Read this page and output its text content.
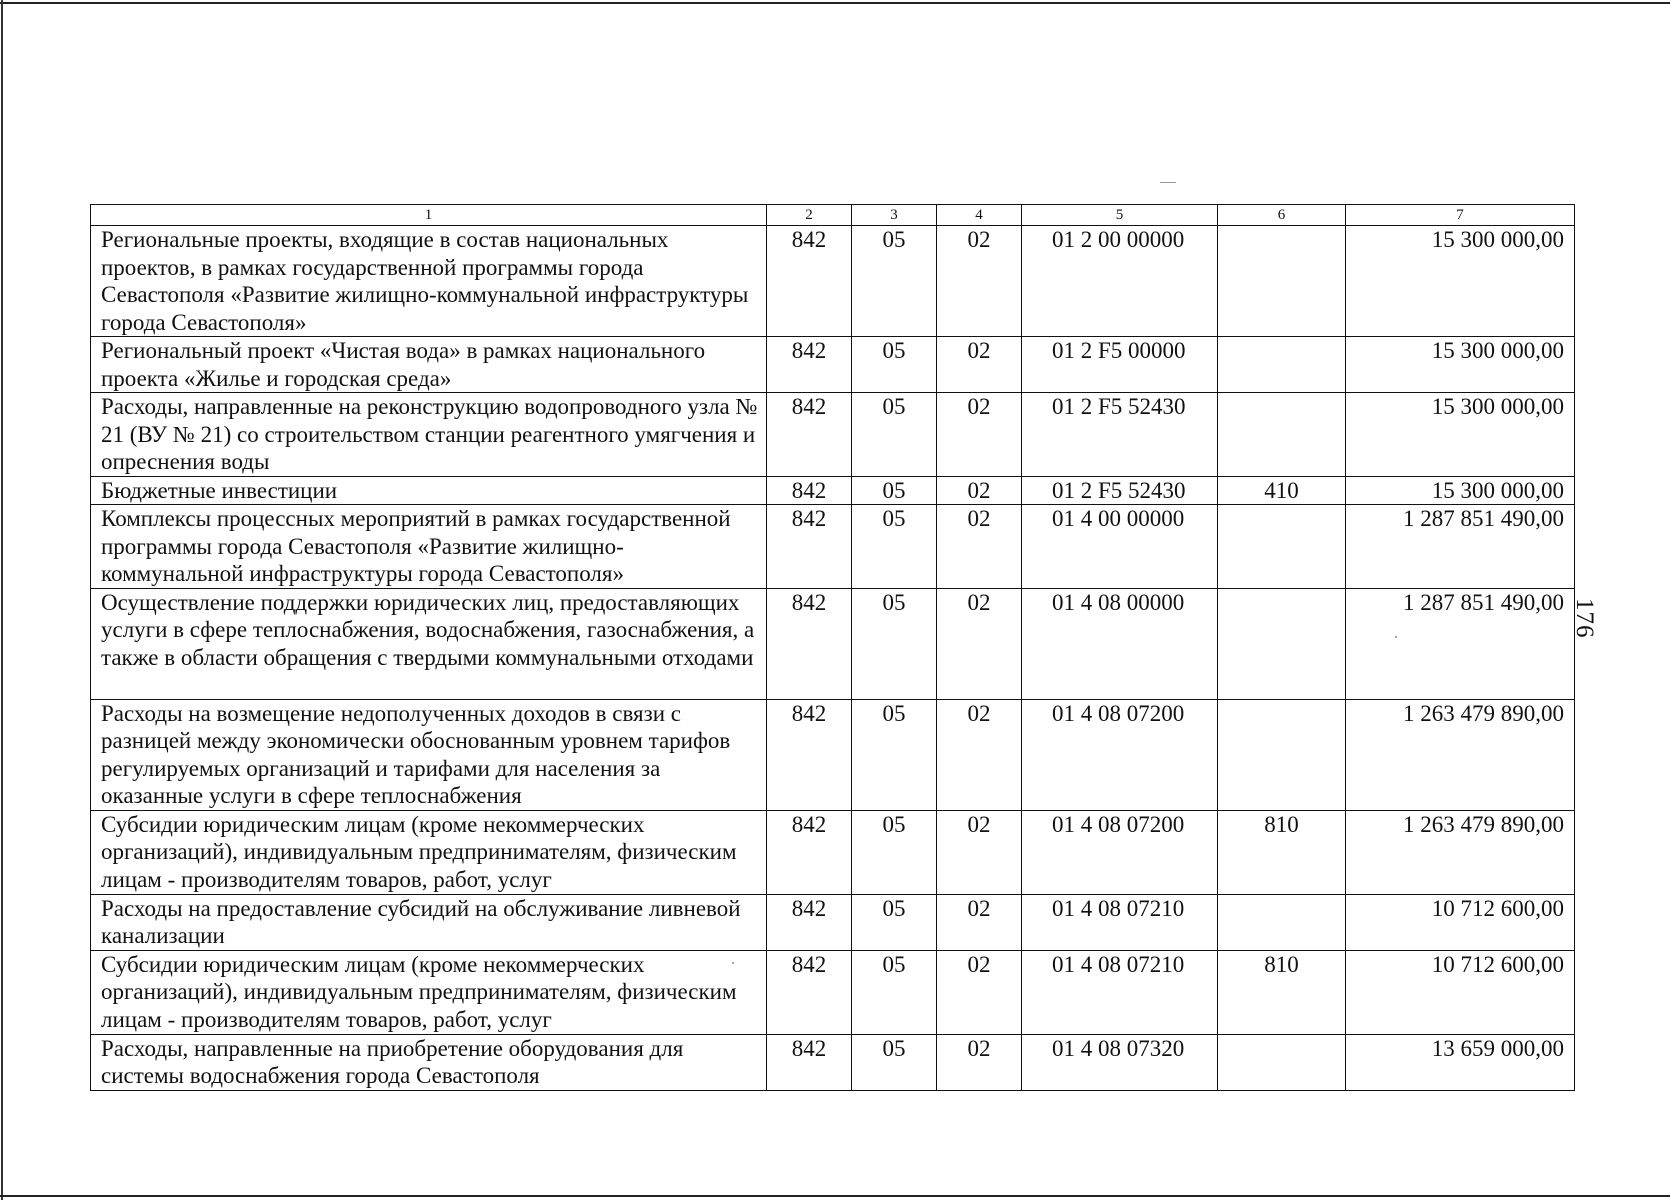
1	2	3	4	5	6	7
Региональные проекты, входящие в состав национальных проектов, в рамках государственной программы города Севастополя «Развитие жилищно-коммунальной инфраструктуры города Севастополя»	842	05	02	01 2 00 00000		15 300 000,00
Региональный проект «Чистая вода» в рамках национального проекта «Жилье и городская среда»	842	05	02	01 2 F5 00000		15 300 000,00
Расходы, направленные на реконструкцию водопроводного узла № 21 (ВУ № 21) со строительством станции реагентного умягчения и опреснения воды	842	05	02	01 2 F5 52430		15 300 000,00
Бюджетные инвестиции	842	05	02	01 2 F5 52430	410	15 300 000,00
Комплексы процессных мероприятий в рамках государственной программы города Севастополя «Развитие жилищно-коммунальной инфраструктуры города Севастополя»	842	05	02	01 4 00 00000		1 287 851 490,00
Осуществление поддержки юридических лиц, предоставляющих услуги в сфере теплоснабжения, водоснабжения, газоснабжения, а также в области обращения с твердыми коммунальными отходами	842	05	02	01 4 08 00000		1 287 851 490,00
Расходы на возмещение недополученных доходов в связи с разницей между экономически обоснованным уровнем тарифов регулируемых организаций и тарифами для населения за оказанные услуги в сфере теплоснабжения	842	05	02	01 4 08 07200		1 263 479 890,00
Субсидии юридическим лицам (кроме некоммерческих организаций), индивидуальным предпринимателям, физическим лицам - производителям товаров, работ, услуг	842	05	02	01 4 08 07200	810	1 263 479 890,00
Расходы на предоставление субсидий на обслуживание ливневой канализации	842	05	02	01 4 08 07210		10 712 600,00
Субсидии юридическим лицам (кроме некоммерческих организаций), индивидуальным предпринимателям, физическим лицам - производителям товаров, работ, услуг	842	05	02	01 4 08 07210	810	10 712 600,00
Расходы, направленные на приобретение оборудования для системы водоснабжения города Севастополя	842	05	02	01 4 08 07320		13 659 000,00
176
